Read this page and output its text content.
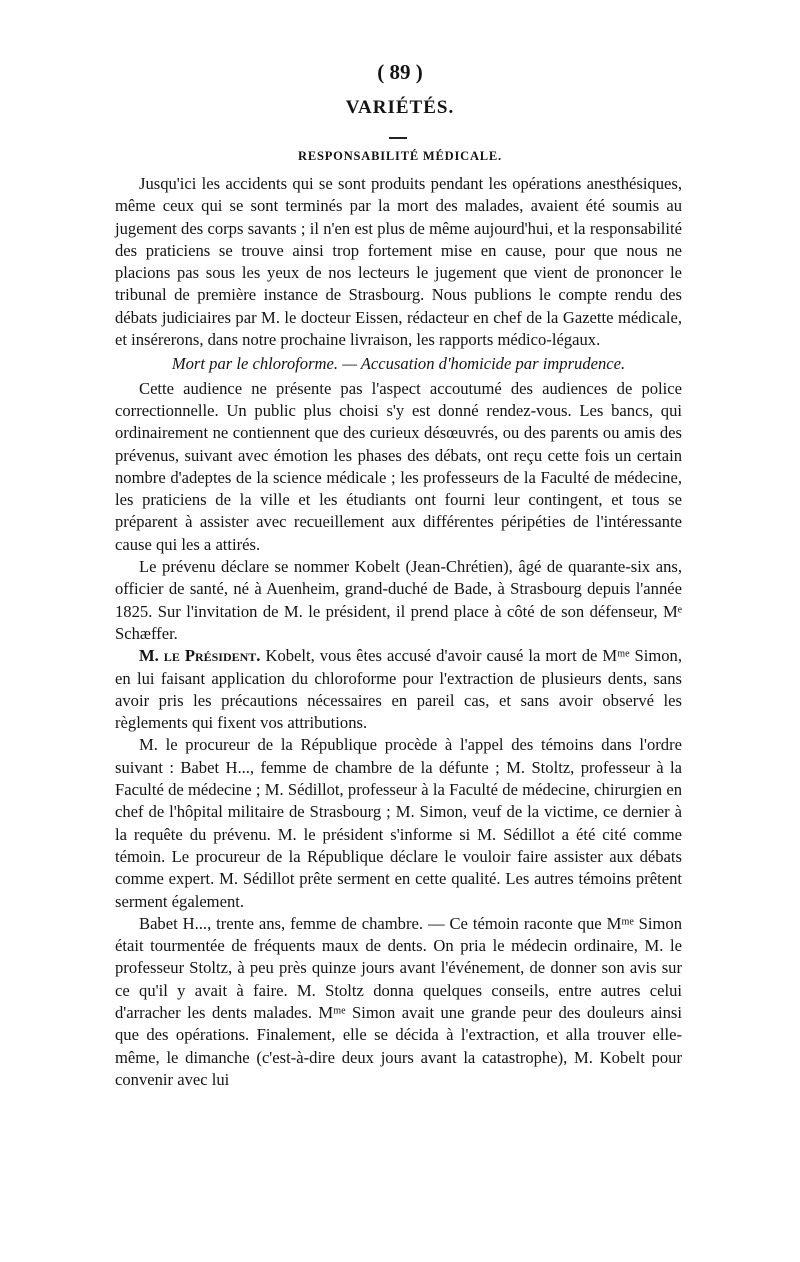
( 89 )
VARIÉTÉS.
RESPONSABILITÉ MÉDICALE.

Jusqu'ici les accidents qui se sont produits pendant les opérations anesthésiques, même ceux qui se sont terminés par la mort des malades, avaient été soumis au jugement des corps savants ; il n'en est plus de même aujourd'hui, et la responsabilité des praticiens se trouve ainsi trop fortement mise en cause, pour que nous ne placions pas sous les yeux de nos lecteurs le jugement que vient de prononcer le tribunal de première instance de Strasbourg. Nous publions le compte rendu des débats judiciaires par M. le docteur Eissen, rédacteur en chef de la Gazette médicale, et insérerons, dans notre prochaine livraison, les rapports médico-légaux.

Mort par le chloroforme. — Accusation d'homicide par imprudence.

Cette audience ne présente pas l'aspect accoutumé des audiences de police correctionnelle. Un public plus choisi s'y est donné rendez-vous. Les bancs, qui ordinairement ne contiennent que des curieux désœuvrés, ou des parents ou amis des prévenus, suivant avec émotion les phases des débats, ont reçu cette fois un certain nombre d'adeptes de la science médicale ; les professeurs de la Faculté de médecine, les praticiens de la ville et les étudiants ont fourni leur contingent, et tous se préparent à assister avec recueillement aux différentes péripéties de l'intéressante cause qui les a attirés.

Le prévenu déclare se nommer Kobelt (Jean-Chrétien), âgé de quarante-six ans, officier de santé, né à Auenheim, grand-duché de Bade, à Strasbourg depuis l'année 1825. Sur l'invitation de M. le président, il prend place à côté de son défenseur, Mᵉ Schæffer.

M. le Président. Kobelt, vous êtes accusé d'avoir causé la mort de Mᵐᵉ Simon, en lui faisant application du chloroforme pour l'extraction de plusieurs dents, sans avoir pris les précautions nécessaires en pareil cas, et sans avoir observé les règlements qui fixent vos attributions.

M. le procureur de la République procède à l'appel des témoins dans l'ordre suivant : Babet H..., femme de chambre de la défunte ; M. Stoltz, professeur à la Faculté de médecine ; M. Sédillot, professeur à la Faculté de médecine, chirurgien en chef de l'hôpital militaire de Strasbourg ; M. Simon, veuf de la victime, ce dernier à la requête du prévenu. M. le président s'informe si M. Sédillot a été cité comme témoin. Le procureur de la République déclare le vouloir faire assister aux débats comme expert. M. Sédillot prête serment en cette qualité. Les autres témoins prêtent serment également.

Babet H..., trente ans, femme de chambre. — Ce témoin raconte que Mᵐᵉ Simon était tourmentée de fréquents maux de dents. On pria le médecin ordinaire, M. le professeur Stoltz, à peu près quinze jours avant l'événement, de donner son avis sur ce qu'il y avait à faire. M. Stoltz donna quelques conseils, entre autres celui d'arracher les dents malades. Mᵐᵉ Simon avait une grande peur des douleurs ainsi que des opérations. Finalement, elle se décida à l'extraction, et alla trouver elle-même, le dimanche (c'est-à-dire deux jours avant la catastrophe), M. Kobelt pour convenir avec lui
